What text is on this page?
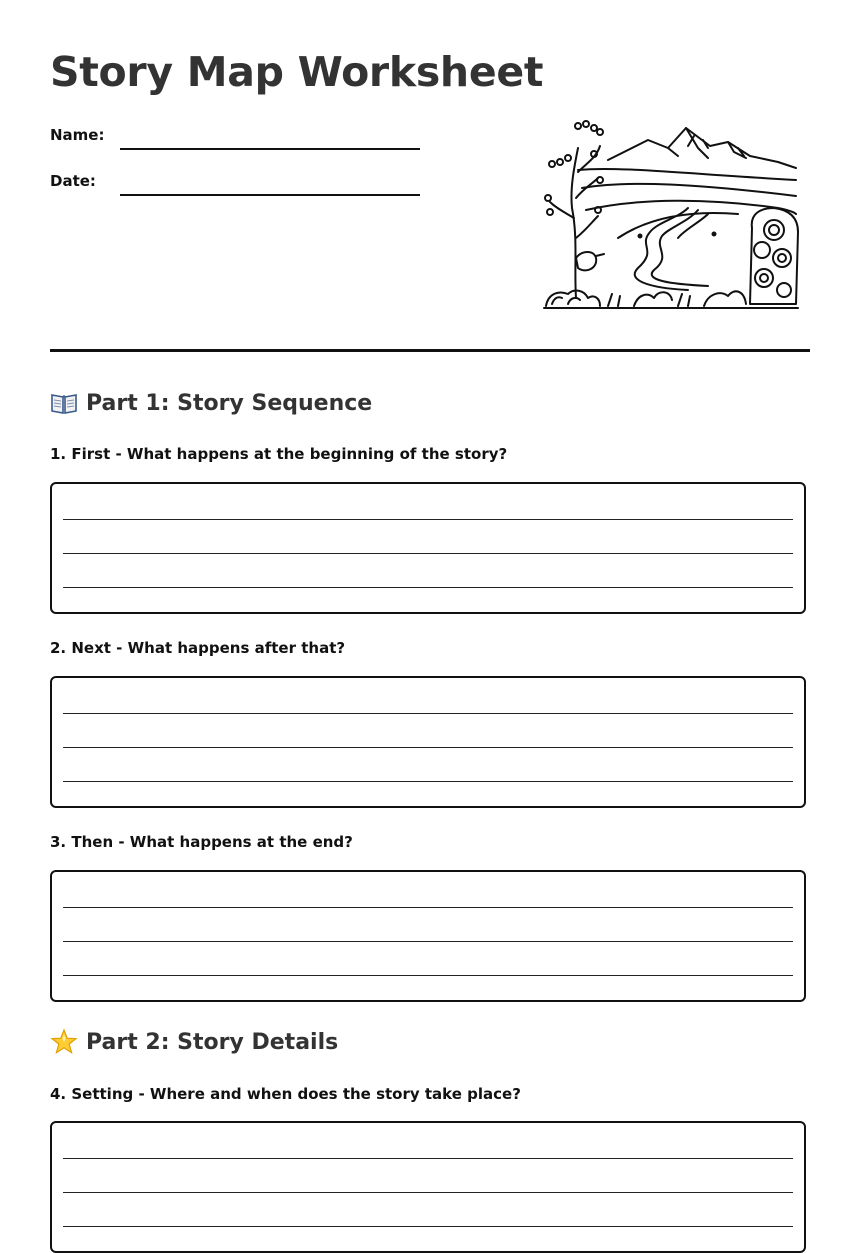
Story Map Worksheet
Name:
Date:
Part 1: Story Sequence

1. First - What happens at the beginning of the story?

2. Next - What happens after that?

3. Then - What happens at the end?

Part 2: Story Details

4. Setting - Where and when does the story take place?
